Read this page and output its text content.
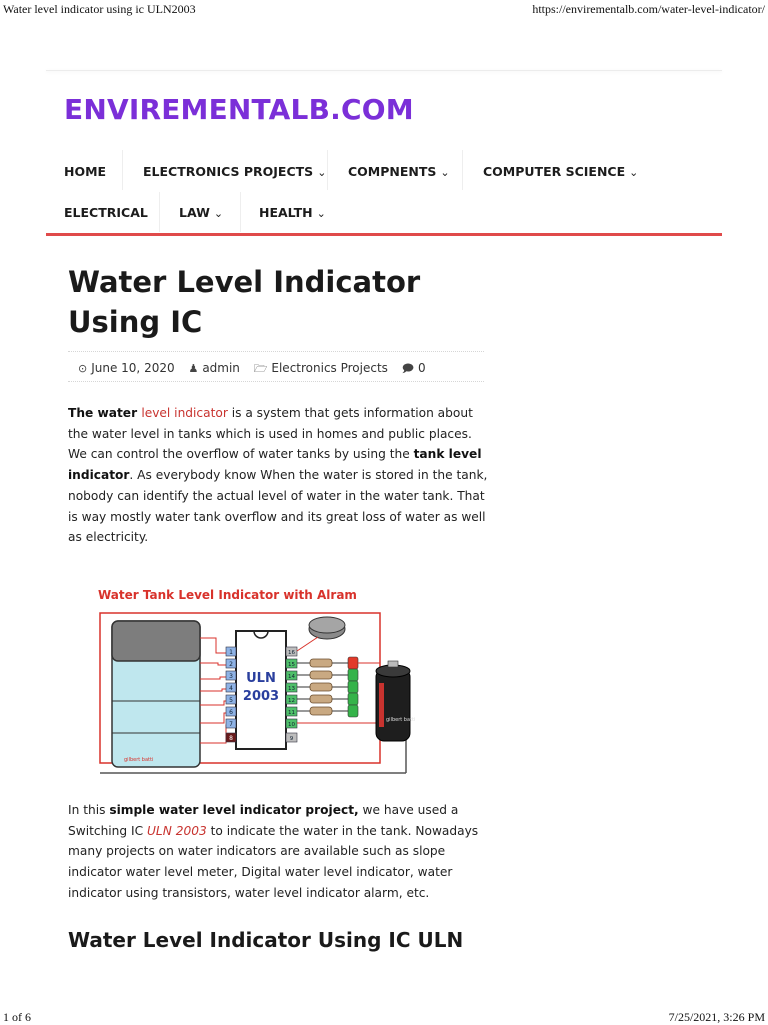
Water level indicator using ic ULN2003	https://envirementalb.com/water-level-indicator/
ENVIREMENTALB.COM
HOME	ELECTRONICS PROJECTS ⌄ COMPNENTS ⌄	COMPUTER SCIENCE ⌄
ELECTRICAL LAW ⌄	HEALTH ⌄
Water Level Indicator Using IC
⊙ June 10, 2020 ♟ admin 🗁 Electronics Projects 🗩 0

The water level indicator is a system that gets information about the water level in tanks which is used in homes and public places. We can control the overflow of water tanks by using the tank level indicator. As everybody know When the water is stored in the tank, nobody can identify the actual level of water in the water tank. That is way mostly water tank overflow and its great loss of water as well as electricity.

Water Tank Level Indicator with Alram
gilbert batti
ULN
2003
1
2
3
4
5
6
7
8
16
15
14
13
12
11
10
9
gilbert batti

In this simple water level indicator project, we have used a Switching IC ULN 2003 to indicate the water in the tank. Nowadays many projects on water indicators are available such as slope indicator water level meter, Digital water level indicator, water indicator using transistors, water level indicator alarm, etc.

Water Level Indicator Using IC ULN
1 of 6	7/25/2021, 3:26 PM
